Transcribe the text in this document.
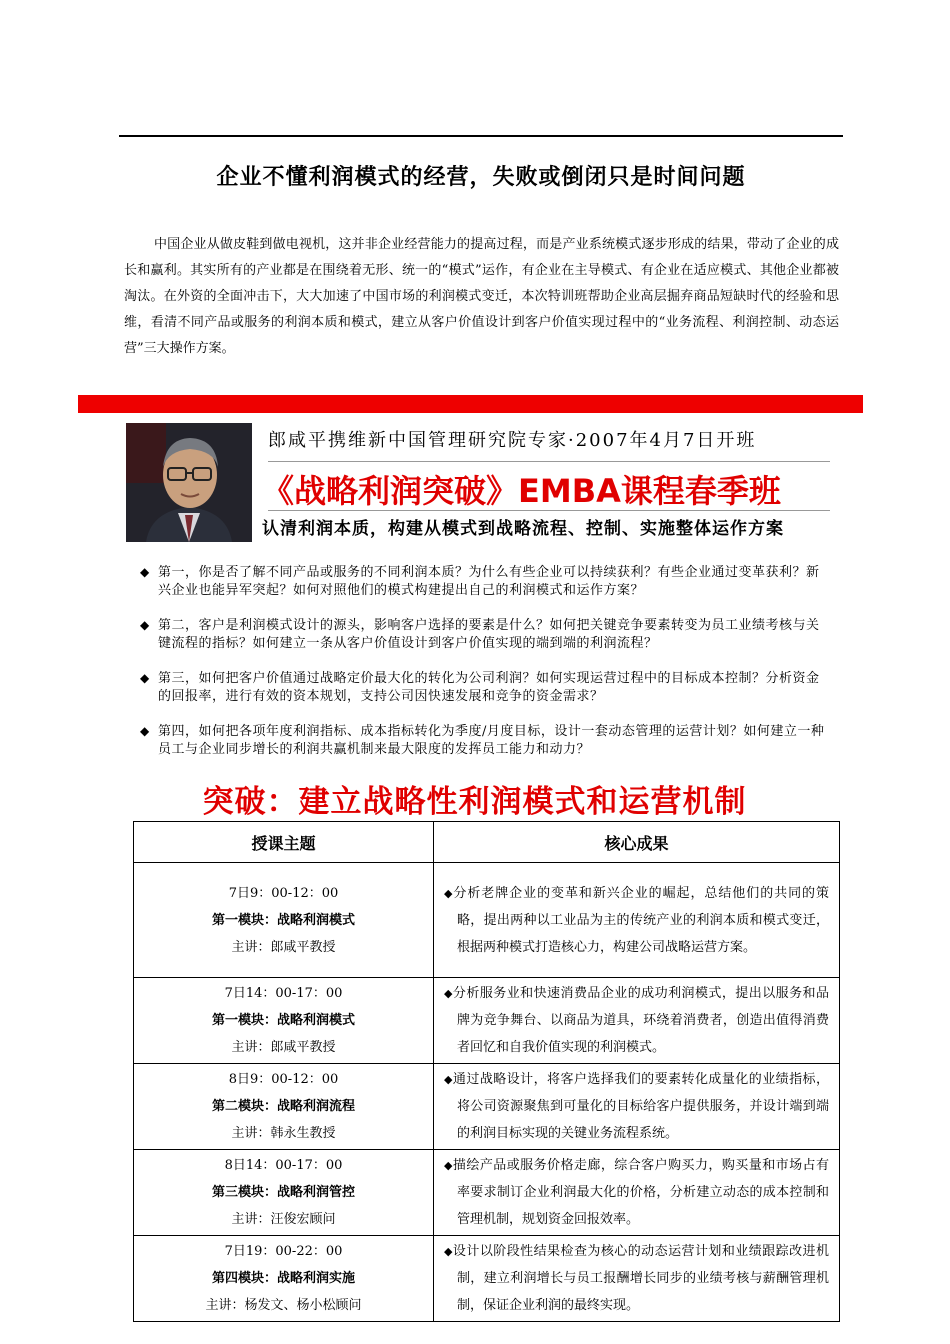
企业不懂利润模式的经营，失败或倒闭只是时间问题

中国企业从做皮鞋到做电视机，这并非企业经营能力的提高过程，而是产业系统模式逐步形成的结果，带动了企业的成长和赢利。其实所有的产业都是在围绕着无形、统一的“模式”运作，有企业在主导模式、有企业在适应模式、其他企业都被淘汰。在外资的全面冲击下，大大加速了中国市场的利润模式变迁，本次特训班帮助企业高层掘弃商品短缺时代的经验和思维，看清不同产品或服务的利润本质和模式，建立从客户价值设计到客户价值实现过程中的“业务流程、利润控制、动态运营”三大操作方案。

郎咸平携维新中国管理研究院专家·2007年4月7日开班
《战略利润突破》EMBA课程春季班
认清利润本质，构建从模式到战略流程、控制、实施整体运作方案
◆ 第一，你是否了解不同产品或服务的不同利润本质？为什么有些企业可以持续获利？有些企业通过变革获利？新兴企业也能异军突起？如何对照他们的模式构建提出自己的利润模式和运作方案？
◆ 第二，客户是利润模式设计的源头，影响客户选择的要素是什么？如何把关键竞争要素转变为员工业绩考核与关键流程的指标？如何建立一条从客户价值设计到客户价值实现的端到端的利润流程？
◆ 第三，如何把客户价值通过战略定价最大化的转化为公司利润？如何实现运营过程中的目标成本控制？分析资金的回报率，进行有效的资本规划，支持公司因快速发展和竞争的资金需求？
◆ 第四，如何把各项年度利润指标、成本指标转化为季度/月度目标，设计一套动态管理的运营计划？如何建立一种员工与企业同步增长的利润共赢机制来最大限度的发挥员工能力和动力？
突破：建立战略性利润模式和运营机制
授课主题	核心成果

7日9：00-12：00
第一模块：战略利润模式
主讲：郎咸平教授	◆分析老牌企业的变革和新兴企业的崛起，总结他们的共同的策略，提出两种以工业品为主的传统产业的利润本质和模式变迁，根据两种模式打造核心力，构建公司战略运营方案。

7日14：00-17：00
第一模块：战略利润模式
主讲：郎咸平教授	◆分析服务业和快速消费品企业的成功利润模式，提出以服务和品牌为竞争舞台、以商品为道具，环绕着消费者，创造出值得消费者回忆和自我价值实现的利润模式。

8日9：00-12：00
第二模块：战略利润流程
主讲：韩永生教授	◆通过战略设计，将客户选择我们的要素转化成量化的业绩指标，将公司资源聚焦到可量化的目标给客户提供服务，并设计端到端的利润目标实现的关键业务流程系统。

8日14：00-17：00
第三模块：战略利润管控
主讲：汪俊宏顾问	◆描绘产品或服务价格走廊，综合客户购买力，购买量和市场占有率要求制订企业利润最大化的价格，分析建立动态的成本控制和管理机制，规划资金回报效率。

7日19：00-22：00
第四模块：战略利润实施
主讲：杨发文、杨小松顾问	◆设计以阶段性结果检查为核心的动态运营计划和业绩跟踪改进机制，建立利润增长与员工报酬增长同步的业绩考核与薪酬管理机制，保证企业利润的最终实现。
